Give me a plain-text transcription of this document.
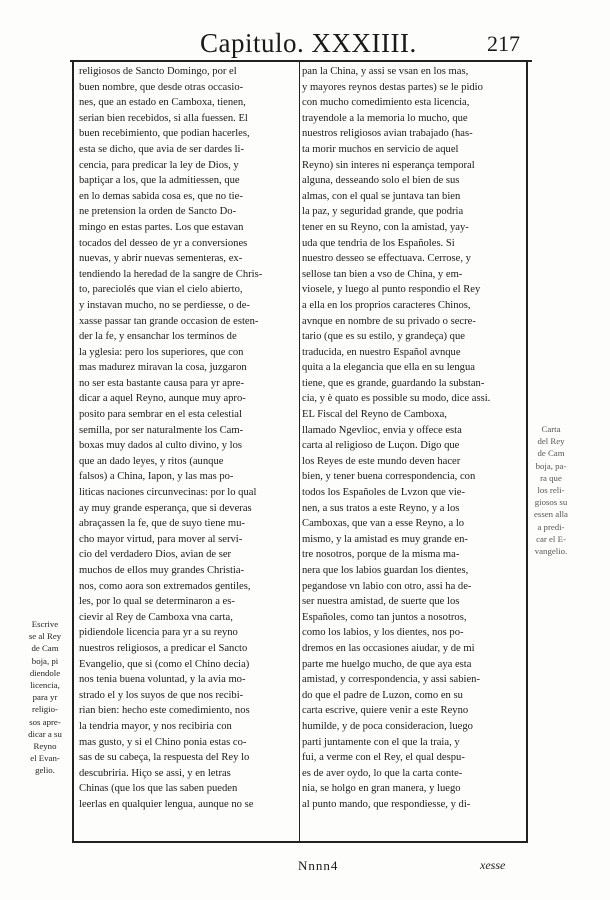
Capitulo. XXXIIII.	217
religiosos de Sancto Domingo, por el
buen nombre, que desde otras occasio-
nes, que an estado en Camboxa, tienen,
serian bien recebidos, si alla fuessen. El
buen recebimiento, que podian hacerles,
esta se dicho, que avia de ser dardes li-
cencia, para predicar la ley de Dios, y
baptiçar a los, que la admitiessen, que
en lo demas sabida cosa es, que no tie-
ne pretension la orden de Sancto Do-
mingo en estas partes. Los que estavan
tocados del desseo de yr a conversiones
nuevas, y abrir nuevas sementeras, ex-
tendiendo la heredad de la sangre de Chris-
to, pareciolés que vian el cielo abierto,
y instavan mucho, no se perdiesse, o de-
xasse passar tan grande occasion de esten-
der la fe, y ensanchar los terminos de
la yglesia: pero los superiores, que con
mas madurez miravan la cosa, juzgaron
no ser esta bastante causa para yr apre-
dicar a aquel Reyno, aunque muy apro-
posito para sembrar en el esta celestial
semilla, por ser naturalmente los Cam-
boxas muy dados al culto divino, y los
que an dado leyes, y ritos (aunque
falsos) a China, Iapon, y las mas po-
liticas naciones circunvecinas: por lo qual
ay muy grande esperança, que si deveras
abraçassen la fe, que de suyo tiene mu-
cho mayor virtud, para mover al servi-
cio del verdadero Dios, avian de ser
muchos de ellos muy grandes Christia-
nos, como aora son extremados gentiles,
les, por lo qual se determinaron a es-
cievir al Rey de Camboxa vna carta,
pidiendole licencia para yr a su reyno
nuestros religiosos, a predicar el Sancto
Evangelio, que si (como el Chino decia)
nos tenia buena voluntad, y la avia mo-
strado el y los suyos de que nos recibi-
rian bien: hecho este comedimiento, nos
la tendria mayor, y nos recibiria con
mas gusto, y si el Chino ponia estas co-
sas de su cabeça, la respuesta del Rey lo
descubriria. Hiço se assi, y en letras
Chinas (que los que las saben pueden
leerlas en qualquier lengua, aunque no se
pan la China, y assi se vsan en los mas,
y mayores reynos destas partes) se le pidio
con mucho comedimiento esta licencia,
trayendole a la memoria lo mucho, que
nuestros religiosos avian trabajado (has-
ta morir muchos en servicio de aquel
Reyno) sin interes ni esperança temporal
alguna, desseando solo el bien de sus
almas, con el qual se juntava tan bien
la paz, y seguridad grande, que podria
tener en su Reyno, con la amistad, yay-
uda que tendria de los Españoles. Si
nuestro desseo se effectuava. Cerrose, y
sellose tan bien a vso de China, y em-
viosele, y luego al punto respondio el Rey
a ella en los proprios caracteres Chinos,
avnque en nombre de su privado o secre-
tario (que es su estilo, y grandeça) que
traducida, en nuestro Español avnque
quita a la elegancia que ella en su lengua
tiene, que es grande, guardando la substan-
cia, y è quato es possible su modo, dice assi.
EL Fiscal del Reyno de Camboxa,
llamado Ngevlioc, envia y offece esta
carta al religioso de Luçon. Digo que
los Reyes de este mundo deven hacer
bien, y tener buena correspondencia, con
todos los Españoles de Lvzon que vie-
nen, a sus tratos a este Reyno, y a los
Camboxas, que van a esse Reyno, a lo
mismo, y la amistad es muy grande en-
tre nosotros, porque de la misma ma-
nera que los labios guardan los dientes,
pegandose vn labio con otro, assi ha de-
ser nuestra amistad, de suerte que los
Españoles, como tan juntos a nosotros,
como los labios, y los dientes, nos po-
dremos en las occasiones aiudar, y de mi
parte me huelgo mucho, de que aya esta
amistad, y correspondencia, y assi sabien-
do que el padre de Luzon, como en su
carta escrive, quiere venir a este Reyno
humilde, y de poca consideracion, luego
parti juntamente con el que la traia, y
fui, a verme con el Rey, el qual despu-
es de aver oydo, lo que la carta conte-
nia, se holgo en gran manera, y luego
al punto mando, que respondiesse, y di-
Escrive
se al Rey
de Cam
boja, pi
diendole
licencia,
para yr
religio-
sos apre-
dicar a su
Reyno
el Evan-
gelio.
Carta
del Rey
de Cam
boja, pa-
ra que
los reli-
giosos su
essen alla
a predi-
car el E-
vangelio.
Nnnn4	xesse
